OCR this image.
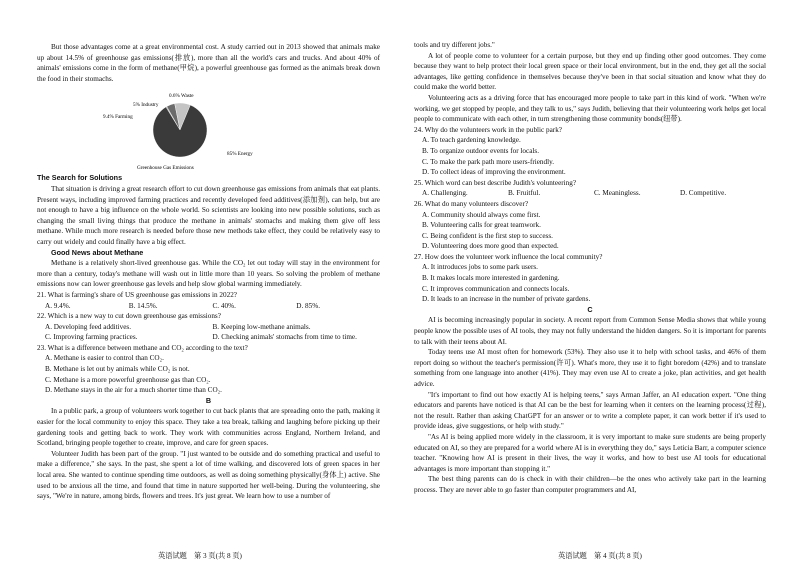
But those advantages come at a great environmental cost. A study carried out in 2013 showed that animals make up about 14.5% of greenhouse gas emissions(排放), more than all the world's cars and trucks. And about 40% of animals' emissions come in the form of methane(甲烷), a powerful greenhouse gas formed as the animals break down the food in their stomachs.

0.6% Waste
5% Industry
9.4% Farming
85% Energy
Greenhouse Gas Emissions

The Search for Solutions

That situation is driving a great research effort to cut down greenhouse gas emissions from animals that eat plants. Present ways, including improved farming practices and recently developed feed additives(添加剂), can help, but are not enough to have a big influence on the whole world. So scientists are looking into new possible solutions, such as changing the small living things that produce the methane in animals' stomachs and making them give off less methane. While much more research is needed before those new methods take effect, they could be relatively easy to carry out widely and could finally have a big effect.

Good News about Methane

Methane is a relatively short-lived greenhouse gas. While the CO₂ let out today will stay in the environment for more than a century, today's methane will wash out in little more than 10 years. So solving the problem of methane emissions now can lower greenhouse gas levels and help slow global warming immediately.

21. What is farming's share of US greenhouse gas emissions in 2022?

A. 9.4%.	B. 14.5%.	C. 40%.	D. 85%.

22. Which is a new way to cut down greenhouse gas emissions?

A. Developing feed additives.	B. Keeping low-methane animals.
C. Improving farming practices.	D. Checking animals' stomachs from time to time.

23. What is a difference between methane and CO₂ according to the text?

A. Methane is easier to control than CO₂.

B. Methane is let out by animals while CO₂ is not.

C. Methane is a more powerful greenhouse gas than CO₂.

D. Methane stays in the air for a much shorter time than CO₂.

B

In a public park, a group of volunteers work together to cut back plants that are spreading onto the path, making it easier for the local community to enjoy this space. They take a tea break, talking and laughing before picking up their gardening tools and getting back to work. They work with communities across England, Northern Ireland, and Scotland, bringing people together to create, improve, and care for green spaces.

Volunteer Judith has been part of the group. "I just wanted to be outside and do something practical and useful to make a difference," she says. In the past, she spent a lot of time walking, and discovered lots of green spaces in her local area. She wanted to continue spending time outdoors, as well as doing something physically(身体上) active. She used to be anxious all the time, and found that time in nature supported her well-being. During the volunteering, she says, "We're in nature, among birds, flowers and trees. It's just great. We learn how to use a number of

英语试题　第 3 页(共 8 页)

tools and try different jobs."

A lot of people come to volunteer for a certain purpose, but they end up finding other good outcomes. They come because they want to help protect their local green space or their local environment, but in the end, they get all the social advantages, like getting confidence in themselves because they've been in that social situation and know what they do could make the world better.

Volunteering acts as a driving force that has encouraged more people to take part in this kind of work. "When we're working, we get stopped by people, and they talk to us," says Judith, believing that their volunteering work helps get local people to communicate with each other, in turn strengthening those community bonds(纽带).

24. Why do the volunteers work in the public park?

A. To teach gardening knowledge.

B. To organize outdoor events for locals.

C. To make the park path more users-friendly.

D. To collect ideas of improving the environment.

25. Which word can best describe Judith's volunteering?

A. Challenging.	B. Fruitful.	C. Meaningless.	D. Competitive.

26. What do many volunteers discover?

A. Community should always come first.

B. Volunteering calls for great teamwork.

C. Being confident is the first step to success.

D. Volunteering does more good than expected.

27. How does the volunteer work influence the local community?

A. It introduces jobs to some park users.

B. It makes locals more interested in gardening.

C. It improves communication and connects locals.

D. It leads to an increase in the number of private gardens.

C

AI is becoming increasingly popular in society. A recent report from Common Sense Media shows that while young people know the possible uses of AI tools, they may not fully understand the hidden dangers. So it is important for parents to talk with their teens about AI.

Today teens use AI most often for homework (53%). They also use it to help with school tasks, and 46% of them report doing so without the teacher's permission(许可). What's more, they use it to fight boredom (42%) and to translate something from one language into another (41%). They may even use AI to create a joke, plan activities, and get health advice.

"It's important to find out how exactly AI is helping teens," says Arman Jaffer, an AI education expert. "One thing educators and parents have noticed is that AI can be the best for learning when it centers on the learning process(过程), not the result. Rather than asking ChatGPT for an answer or to write a complete paper, it can work better if it's used to provide ideas, give suggestions, or help with study."

"As AI is being applied more widely in the classroom, it is very important to make sure students are being properly educated on AI, so they are prepared for a world where AI is in everything they do," says Leticia Barr, a computer science teacher. "Knowing how AI is present in their lives, the way it works, and how to best use AI tools for educational advantages is more important than stopping it."

The best thing parents can do is check in with their children—be the ones who actively take part in the learning process. They are never able to go faster than computer programmers and AI,

英语试题　第 4 页(共 8 页)
